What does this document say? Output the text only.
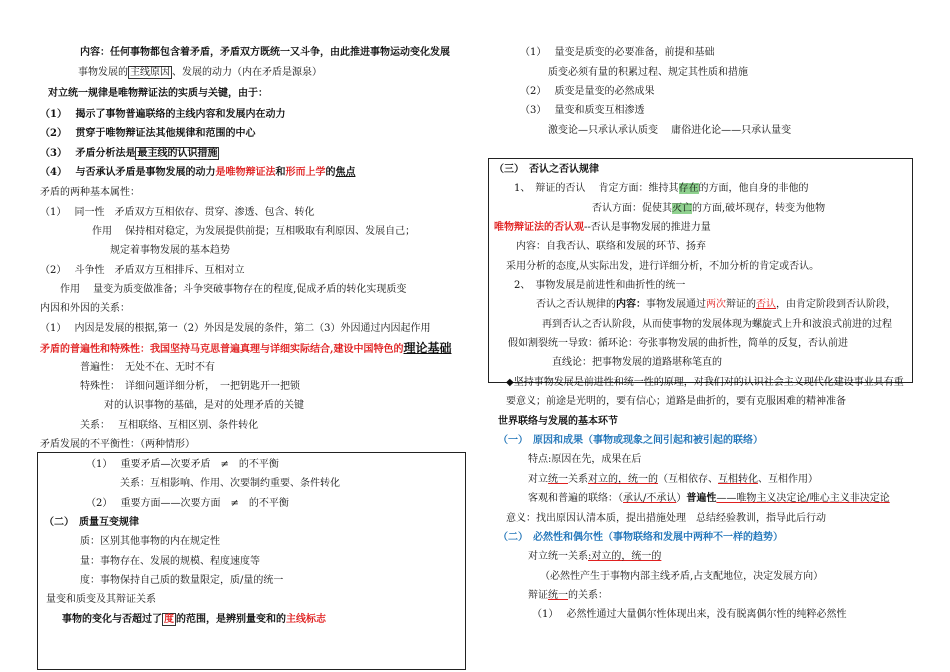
内容：任何事物都包含着矛盾，矛盾双方既统一又斗争，由此推进事物运动变化发展
事物发展的 主线原因 、发展的动力（内在矛盾是源泉）
对立统一规律是唯物辩证法的实质与关键，由于：
（1）　 揭示了事物普遍联络的主线内容和发展内在动力
（2）　 贯穿于唯物辩证法其他规律和范围的中心
（3）　 矛盾分析法是 最主线的认识措施
（4）　 与否承认矛盾是事物发展的动力是唯物辩证法和形而上学的焦点
矛盾的两种基本属性：
（1）　 同一性　矛盾双方互相依存、贯穿、渗透、包含、转化
作用　 保持相对稳定，为发展提供前提；互相吸取有利原因、发展自己；
规定着事物发展的基本趋势
（2）　 斗争性　矛盾双方互相排斥、互相对立
作用　 量变为质变做准备；斗争突破事物存在的程度,促成矛盾的转化实现质变
内因和外因的关系：
（1）　 内因是发展的根据,第一（2）外因是发展的条件，第二（3）外因通过内因起作用
矛盾的普遍性和特殊性：我国坚持马克思普遍真理与详细实际结合,建设中国特色的理论基础
普遍性：　无处不在、无时不有
特殊性：　详细问题详细分析，　一把钥匙开一把锁
对的认识事物的基础，是对的处理矛盾的关键
关系：　 互相联络、互相区别、条件转化
矛盾发展的不平衡性：（两种情形）
（1）　 重要矛盾—次要矛盾　≠　的不平衡
关系：互相影响、作用、次要制约重要、条件转化
（2）　 重要方面——次要方面　≠　的不平衡
（二）　质量互变规律
质：区别其他事物的内在规定性
量：事物存在、发展的规模、程度速度等
度：事物保持自己质的数量限定，质/量的统一
量变和质变及其辩证关系
事物的变化与否超过了 度 的范围，是辨别量变和的主线标志
（1）　 量变是质变的必要准备，前提和基础
质变必须有量的积累过程、规定其性质和措施
（2）　 质变是量变的必然成果
（3）　 量变和质变互相渗透
激变论—只承认承认质变　 庸俗进化论——只承认量变
（三）　否认之否认规律
1、　辩证的否认　 肯定方面：维持其存在的方面，他自身的非他的
否认方面：促使其灭亡的方面,破坏现存，转变为他物
唯物辩证法的否认观--否认是事物发展的推进力量
内容：自我否认、联络和发展的环节、扬弃
采用分析的态度,从实际出发，进行详细分析，不加分析的肯定或否认。
2、　事物发展是前进性和曲折性的统一
否认之否认规律的内容：事物发展通过两次辩证的否认，由肯定阶段到否认阶段，
再到否认之否认阶段，从而使事物的发展体现为螺旋式上升和波浪式前进的过程
假如割裂统一导致：循环论：夸张事物发展的曲折性，简单的反复，否认前进
直线论：把事物发展的道路堪称笔直的
◆坚持事物发展是前进性和统一性的原理，对我们对的认识社会主义现代化建设事业具有重
要意义；前途是光明的，要有信心；道路是曲折的，要有克服困难的精神准备
世界联络与发展的基本环节
（一）　原因和成果（事物或现象之间引起和被引起的联络）
特点:原因在先，成果在后
对立统一关系对立的，统一的（互相依存、互相转化、互相作用）
客观和普遍的联络：（承认/不承认）普遍性——唯物主义决定论/唯心主义非决定论
意义：找出原因认清本质，提出措施处理　总结经验教训，指导此后行动
（二）　必然性和偶尔性（事物联络和发展中两种不一样的趋势）
对立统一关系:对立的，统一的
（必然性产生于事物内部主线矛盾,占支配地位，决定发展方向）
辩证统一的关系：
（1）　 必然性通过大量偶尔性体现出来，没有脱离偶尔性的纯粹必然性
